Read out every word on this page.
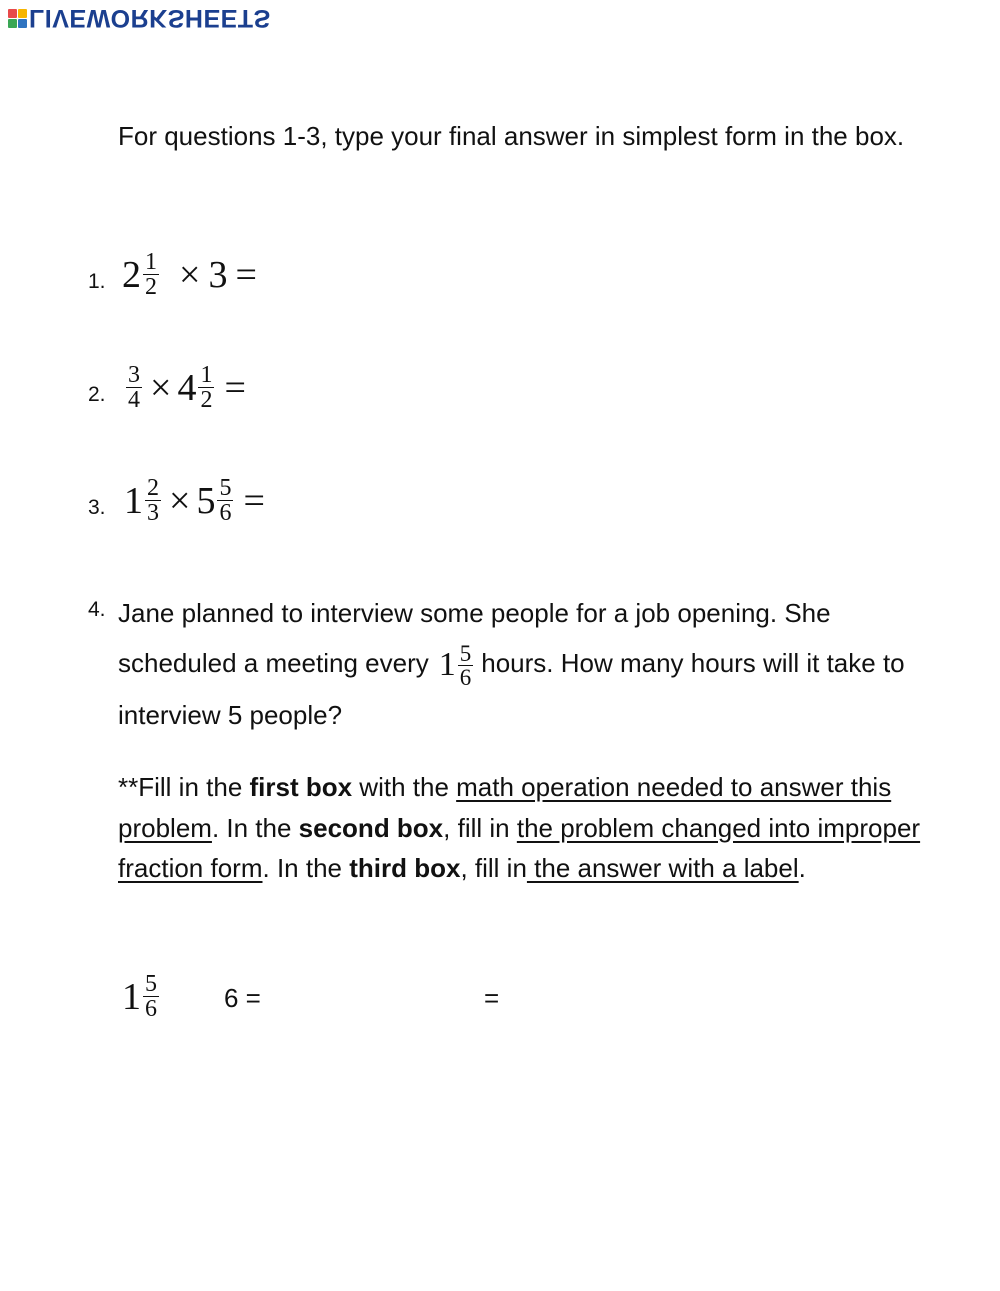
LIVEWORKSHEETS
For questions 1-3, type your final answer in simplest form in the box.
1. $2 \frac{1}{2} \times 3$ =
2. $\frac{3}{4} \times 4 \frac{1}{2}$ =
3. $1 \frac{2}{3} \times 5 \frac{5}{6}$ =
4. Jane planned to interview some people for a job opening. She scheduled a meeting every $1 \frac{5}{6}$ hours. How many hours will it take to interview 5 people?
**Fill in the first box with the math operation needed to answer this problem. In the second box, fill in the problem changed into improper fraction form. In the third box, fill in the answer with a label.
$1 \frac{5}{6}$	6 =	=
